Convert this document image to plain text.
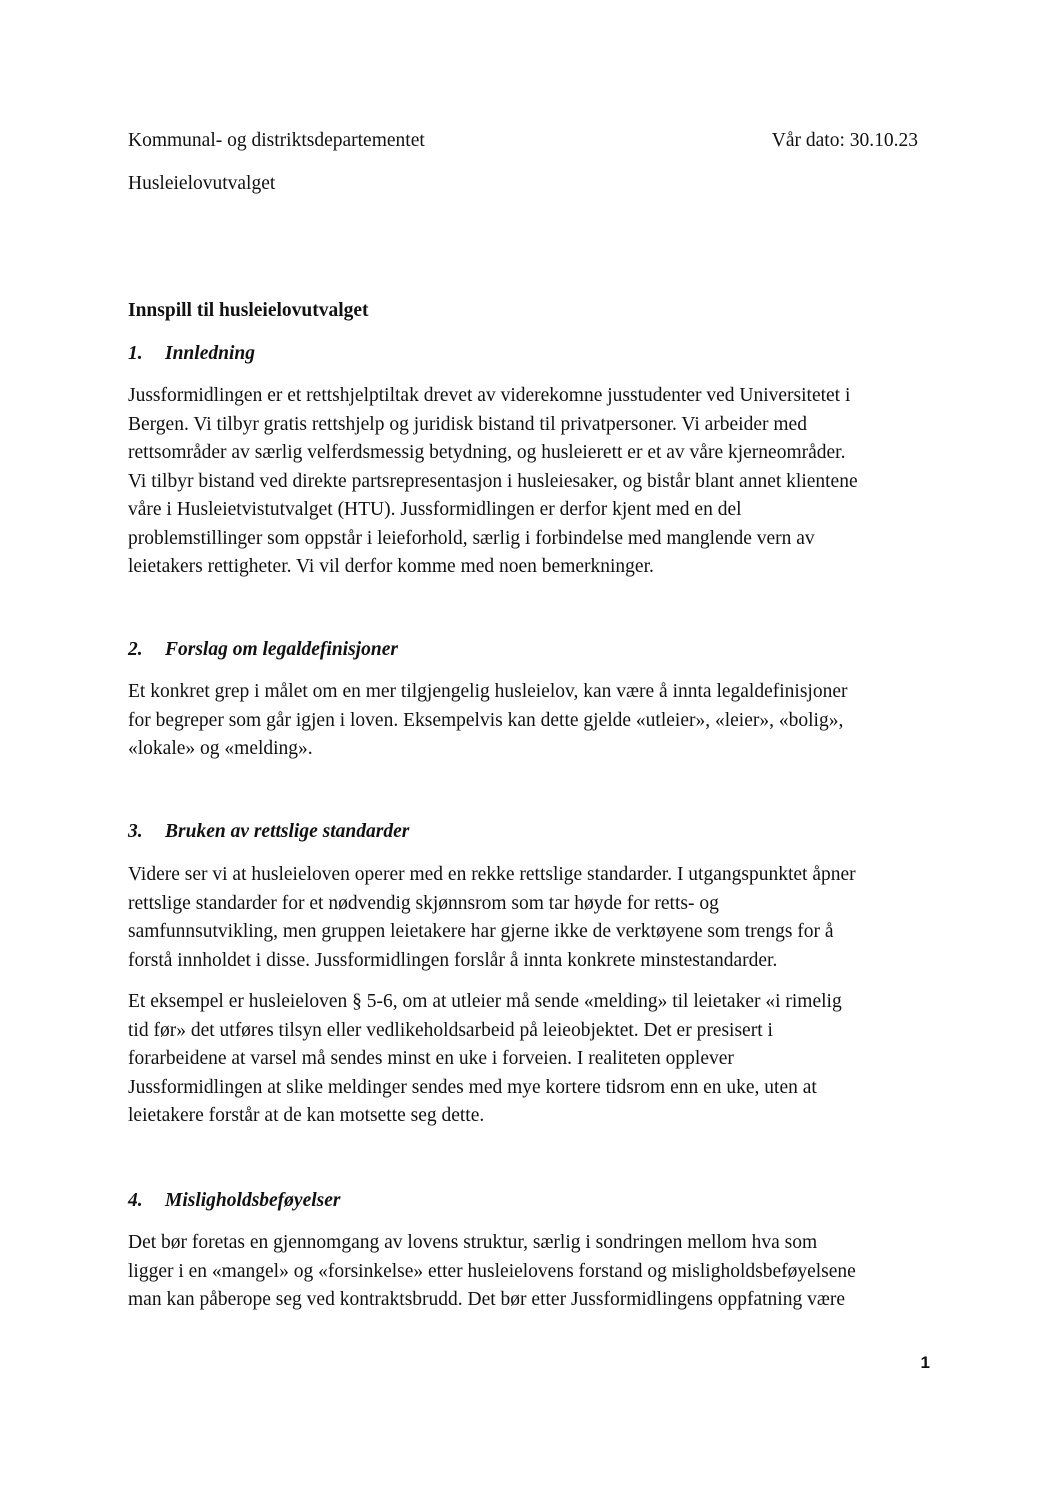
Kommunal- og distriktsdepartementet	Vår dato: 30.10.23
Husleielovutvalget
Innspill til husleielovutvalget
1. Innledning
Jussformidlingen er et rettshjelptiltak drevet av viderekomne jusstudenter ved Universitetet i
Bergen. Vi tilbyr gratis rettshjelp og juridisk bistand til privatpersoner. Vi arbeider med
rettsområder av særlig velferdsmessig betydning, og husleierett er et av våre kjerneområder.
Vi tilbyr bistand ved direkte partsrepresentasjon i husleiesaker, og bistår blant annet klientene
våre i Husleietvistutvalget (HTU). Jussformidlingen er derfor kjent med en del
problemstillinger som oppstår i leieforhold, særlig i forbindelse med manglende vern av
leietakers rettigheter. Vi vil derfor komme med noen bemerkninger.
2. Forslag om legaldefinisjoner
Et konkret grep i målet om en mer tilgjengelig husleielov, kan være å innta legaldefinisjoner
for begreper som går igjen i loven. Eksempelvis kan dette gjelde «utleier», «leier», «bolig»,
«lokale» og «melding».
3. Bruken av rettslige standarder
Videre ser vi at husleieloven operer med en rekke rettslige standarder. I utgangspunktet åpner
rettslige standarder for et nødvendig skjønnsrom som tar høyde for retts- og
samfunnsutvikling, men gruppen leietakere har gjerne ikke de verktøyene som trengs for å
forstå innholdet i disse. Jussformidlingen forslår å innta konkrete minstestandarder.
Et eksempel er husleieloven § 5-6, om at utleier må sende «melding» til leietaker «i rimelig
tid før» det utføres tilsyn eller vedlikeholdsarbeid på leieobjektet. Det er presisert i
forarbeidene at varsel må sendes minst en uke i forveien. I realiteten opplever
Jussformidlingen at slike meldinger sendes med mye kortere tidsrom enn en uke, uten at
leietakere forstår at de kan motsette seg dette.
4. Misligholdsbeføyelser
Det bør foretas en gjennomgang av lovens struktur, særlig i sondringen mellom hva som
ligger i en «mangel» og «forsinkelse» etter husleielovens forstand og misligholdsbeføyelsene
man kan påberope seg ved kontraktsbrudd. Det bør etter Jussformidlingens oppfatning være
1
